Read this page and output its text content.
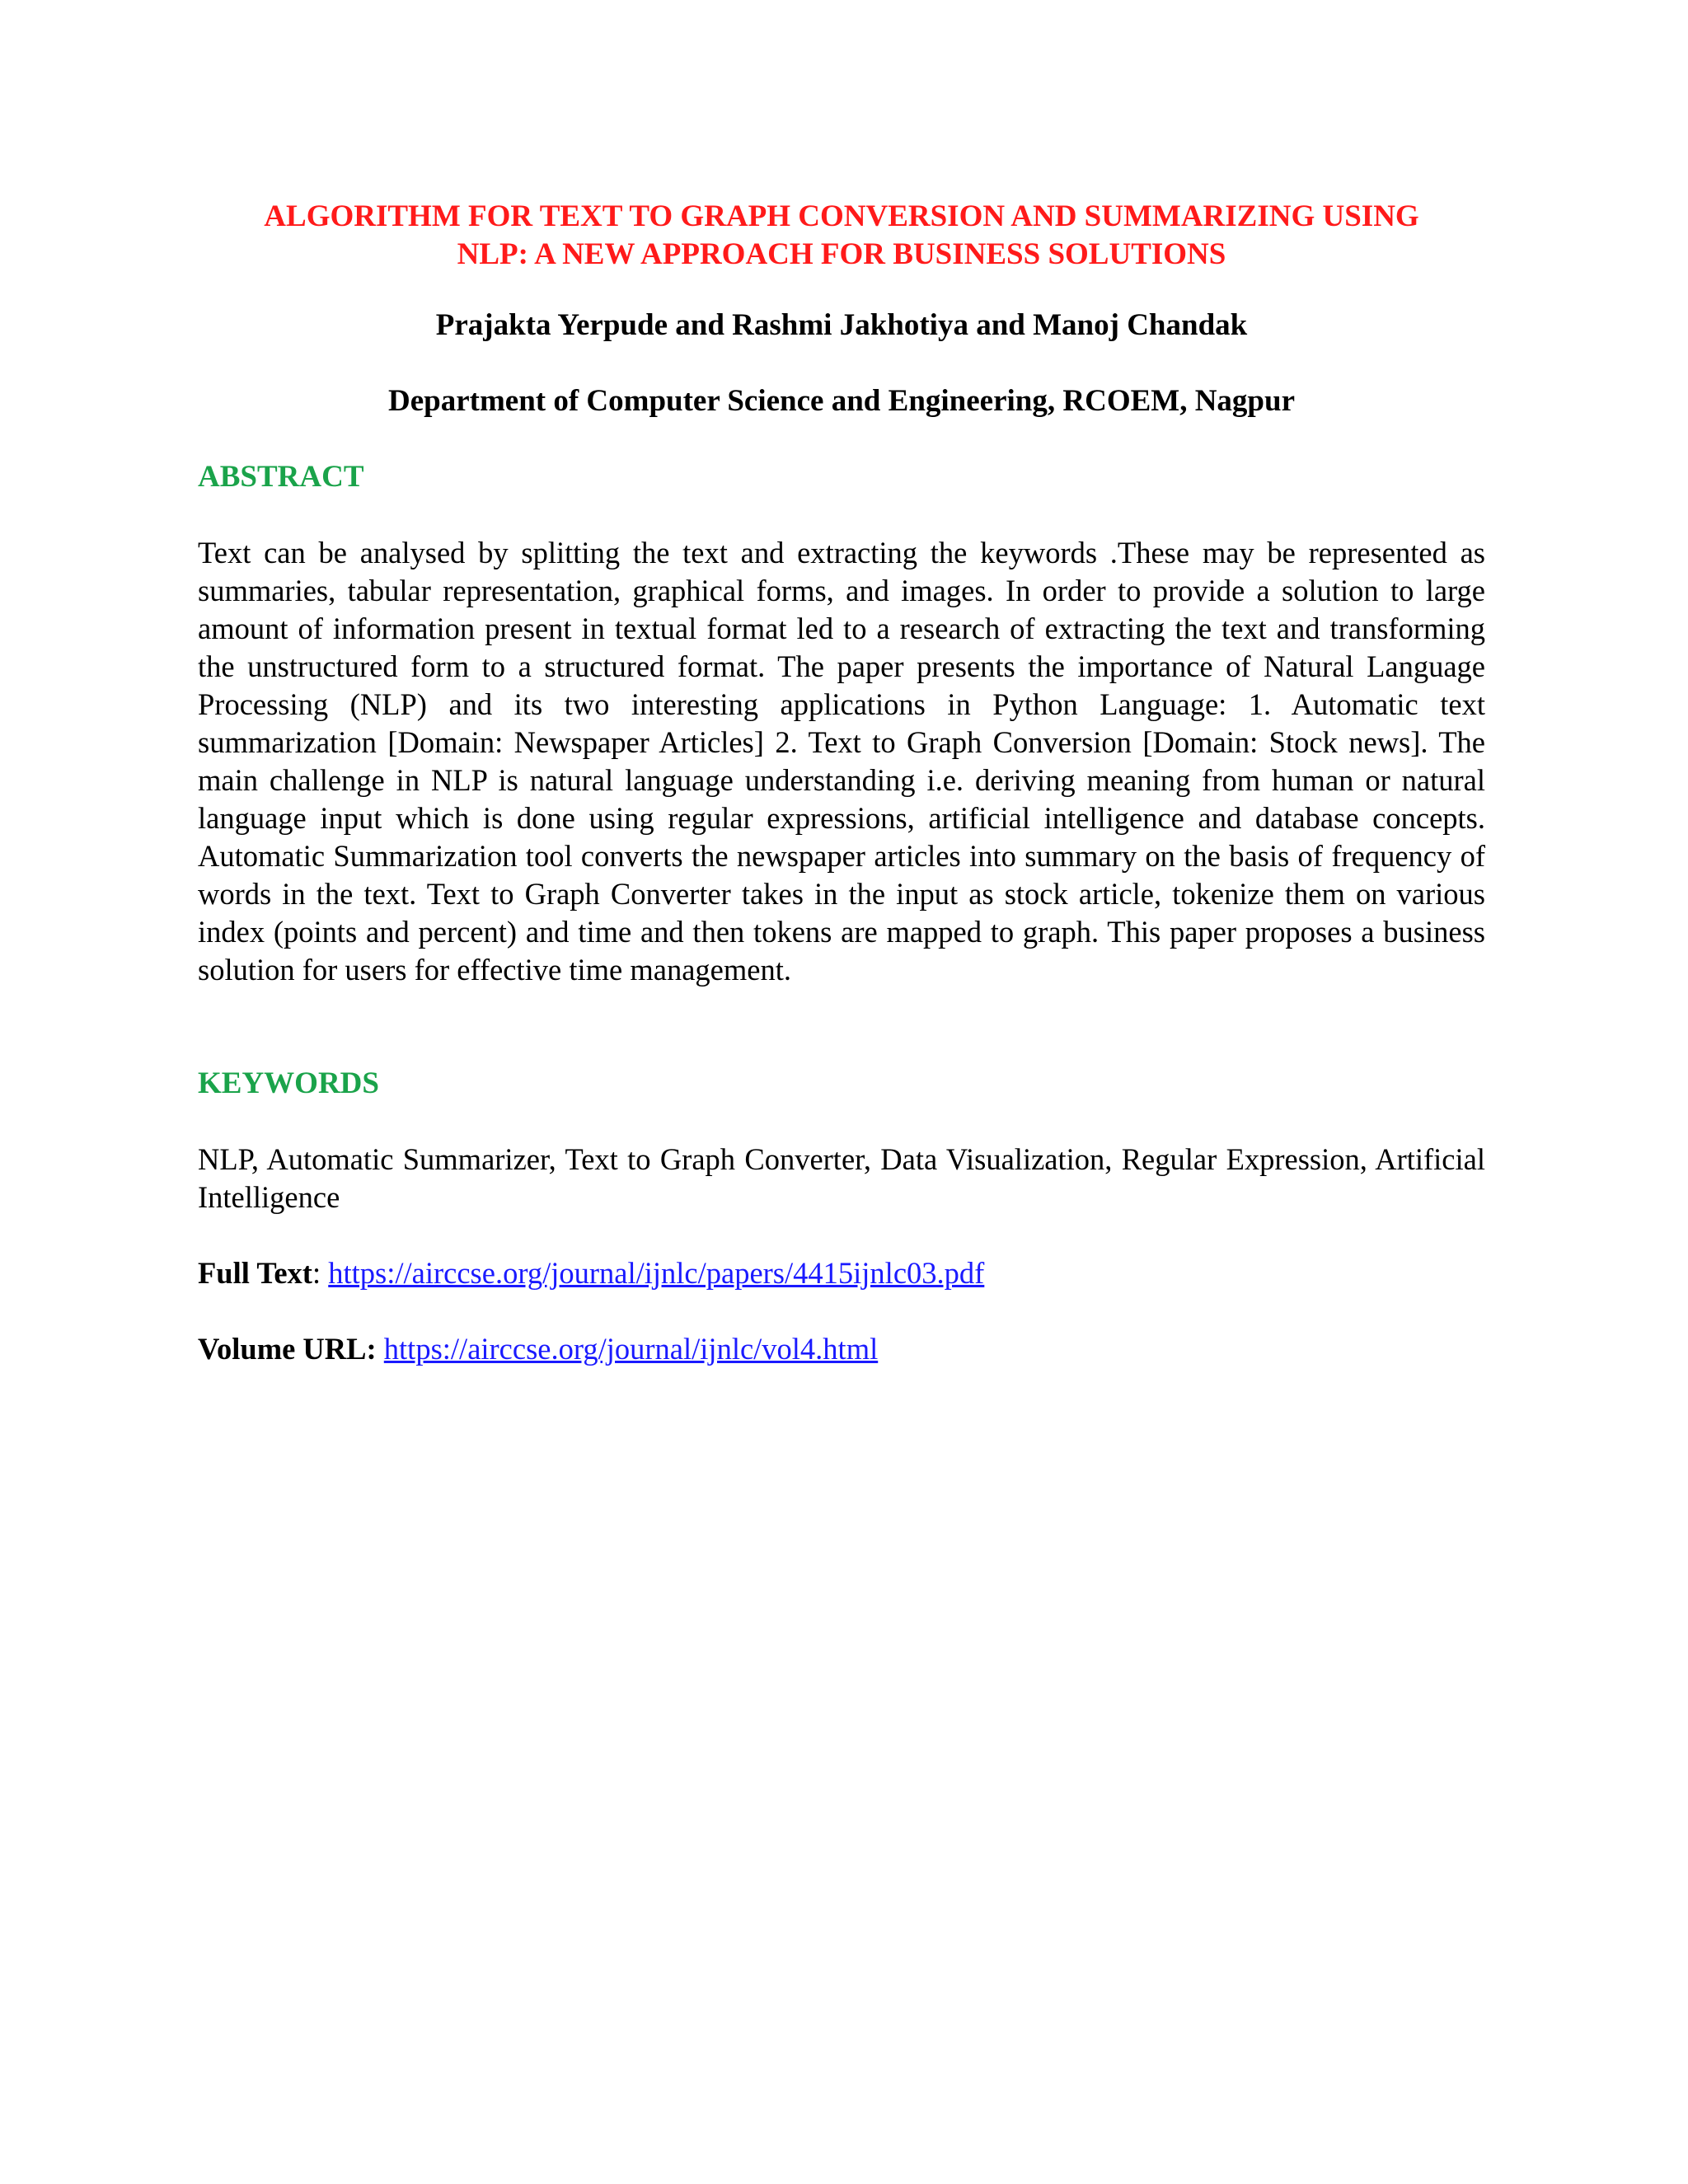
ALGORITHM FOR TEXT TO GRAPH CONVERSION AND SUMMARIZING USING
NLP: A NEW APPROACH FOR BUSINESS SOLUTIONS

Prajakta Yerpude and Rashmi Jakhotiya and Manoj Chandak

Department of Computer Science and Engineering, RCOEM, Nagpur

ABSTRACT

Text can be analysed by splitting the text and extracting the keywords .These may be represented as summaries, tabular representation, graphical forms, and images. In order to provide a solution to large amount of information present in textual format led to a research of extracting the text and transforming the unstructured form to a structured format. The paper presents the importance of Natural Language Processing (NLP) and its two interesting applications in Python Language: 1. Automatic text summarization [Domain: Newspaper Articles] 2. Text to Graph Conversion [Domain: Stock news]. The main challenge in NLP is natural language understanding i.e. deriving meaning from human or natural language input which is done using regular expressions, artificial intelligence and database concepts. Automatic Summarization tool converts the newspaper articles into summary on the basis of frequency of words in the text. Text to Graph Converter takes in the input as stock article, tokenize them on various index (points and percent) and time and then tokens are mapped to graph. This paper proposes a business solution for users for effective time management.

KEYWORDS

NLP, Automatic Summarizer, Text to Graph Converter, Data Visualization, Regular Expression, Artificial Intelligence

Full Text: https://airccse.org/journal/ijnlc/papers/4415ijnlc03.pdf

Volume URL: https://airccse.org/journal/ijnlc/vol4.html
